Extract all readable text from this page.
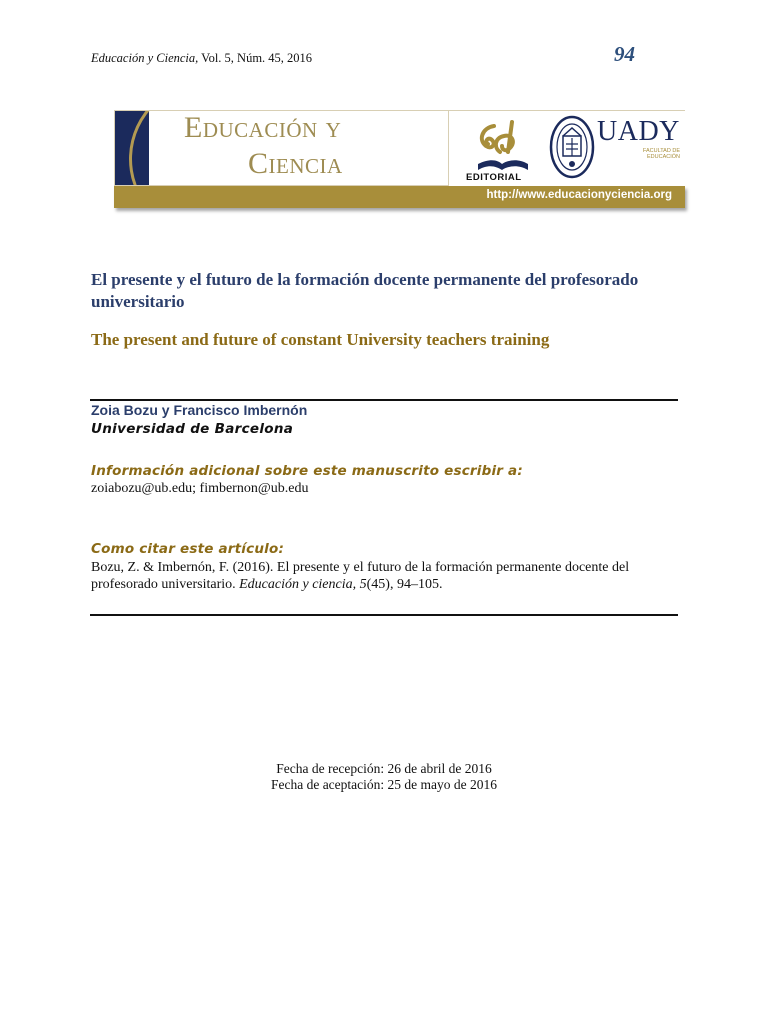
Educación y Ciencia, Vol. 5, Núm. 45, 2016	94
Educación y
Ciencia	EDITORIAL
UADY
FACULTAD DE EDUCACIÓN
http://www.educacionyciencia.org
El presente y el futuro de la formación docente permanente del profesorado universitario
The present and future of constant University teachers training
Zoia Bozu y Francisco Imbernón
Universidad de Barcelona
Información adicional sobre este manuscrito escribir a:
zoiabozu@ub.edu; fimbernon@ub.edu
Como citar este artículo:
Bozu, Z. & Imbernón, F. (2016). El presente y el futuro de la formación permanente docente del profesorado universitario. Educación y ciencia, 5(45), 94–105.
Fecha de recepción: 26 de abril de 2016
Fecha de aceptación: 25 de mayo de 2016
